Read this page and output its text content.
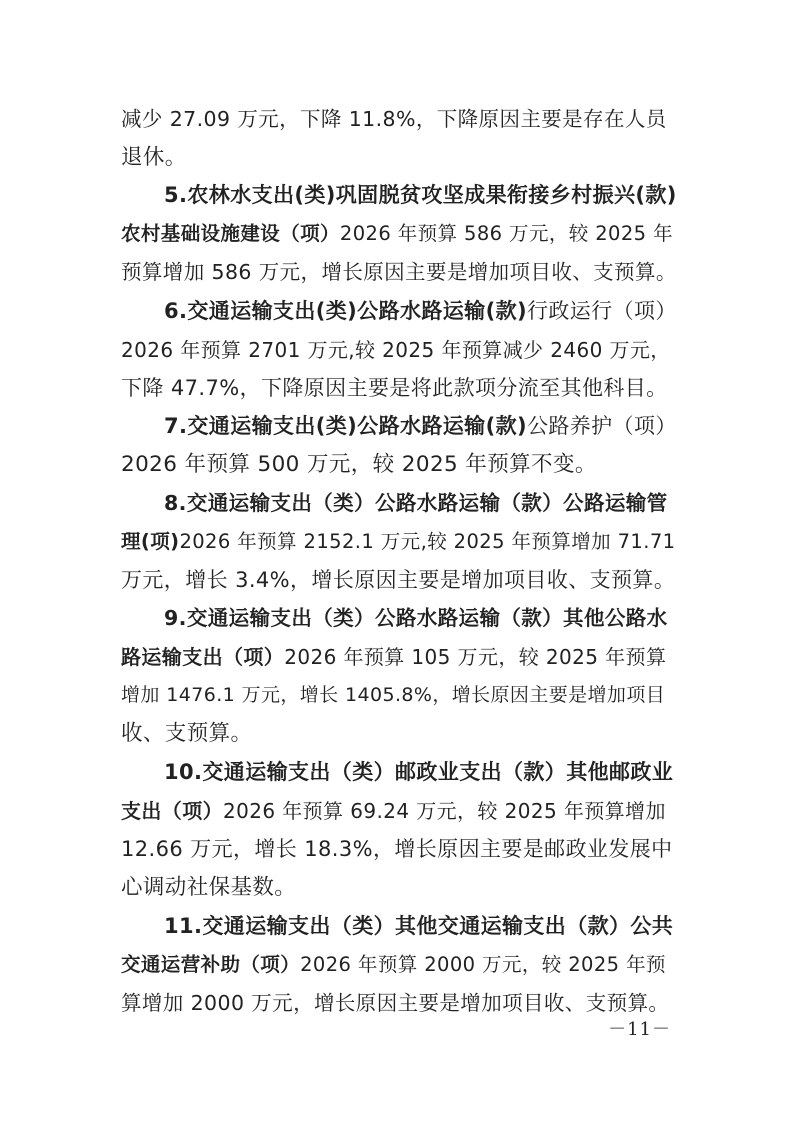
减少 27.09 万元，下降 11.8%，下降原因主要是存在人员
退休。

5.农林水支出(类)巩固脱贫攻坚成果衔接乡村振兴(款)
农村基础设施建设（项）2026 年预算 586 万元，较 2025 年
预算增加 586 万元，增长原因主要是增加项目收、支预算。

6.交通运输支出(类)公路水路运输(款)行政运行（项）
2026 年预算 2701 万元,较 2025 年预算减少 2460 万元，
下降 47.7%，下降原因主要是将此款项分流至其他科目。

7.交通运输支出(类)公路水路运输(款)公路养护（项）
2026 年预算 500 万元，较 2025 年预算不变。

8.交通运输支出（类）公路水路运输（款）公路运输管
理(项)2026 年预算 2152.1 万元,较 2025 年预算增加 71.71
万元，增长 3.4%，增长原因主要是增加项目收、支预算。

9.交通运输支出（类）公路水路运输（款）其他公路水
路运输支出（项）2026 年预算 105 万元，较 2025 年预算
增加 1476.1 万元，增长 1405.8%，增长原因主要是增加项目
收、支预算。

10.交通运输支出（类）邮政业支出（款）其他邮政业
支出（项）2026 年预算 69.24 万元，较 2025 年预算增加
12.66 万元，增长 18.3%，增长原因主要是邮政业发展中
心调动社保基数。

11.交通运输支出（类）其他交通运输支出（款）公共
交通运营补助（项）2026 年预算 2000 万元，较 2025 年预
算增加 2000 万元，增长原因主要是增加项目收、支预算。

－11－
